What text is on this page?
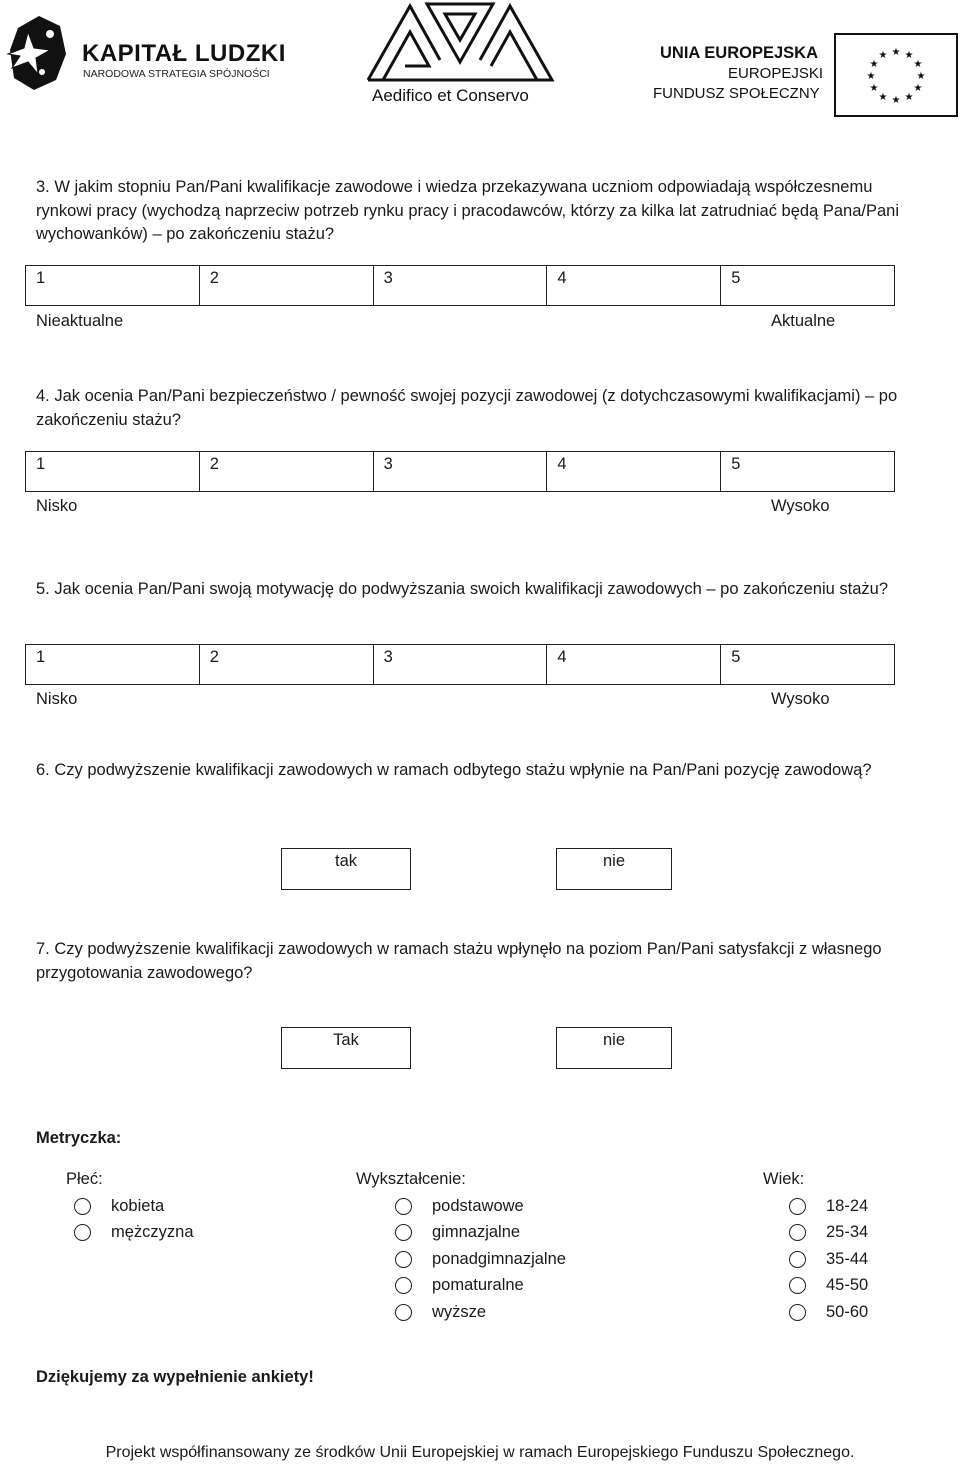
KAPITAŁ LUDZKI
NARODOWA STRATEGIA SPÓJNOŚCI
Aedifico et Conservo
UNIA EUROPEJSKA
EUROPEJSKI
FUNDUSZ SPOŁECZNY
★ ★
★
★
★
★
★
★
★
★
★
★
3. W jakim stopniu Pan/Pani kwalifikacje zawodowe i wiedza przekazywana uczniom odpowiadają współczesnemu rynkowi pracy (wychodzą naprzeciw potrzeb rynku pracy i pracodawców, którzy za kilka lat zatrudniać będą Pana/Pani wychowanków) – po zakończeniu stażu?
1	2	3	4	5
Nieaktualne	Aktualne
4. Jak ocenia Pan/Pani bezpieczeństwo / pewność swojej pozycji zawodowej (z dotychczasowymi kwalifikacjami) – po zakończeniu stażu?
1	2	3	4	5
Nisko	Wysoko
5. Jak ocenia Pan/Pani swoją motywację do podwyższania swoich kwalifikacji zawodowych – po zakończeniu stażu?
1	2	3	4	5
Nisko	Wysoko
6. Czy podwyższenie kwalifikacji zawodowych w ramach odbytego stażu wpłynie na Pan/Pani pozycję zawodową?
tak	nie
7. Czy podwyższenie kwalifikacji zawodowych w ramach stażu wpłynęło na poziom Pan/Pani satysfakcji z własnego przygotowania zawodowego?
Tak	nie
Metryczka:
Płeć:
kobieta
mężczyzna
Wykształcenie:
podstawowe
gimnazjalne
ponadgimnazjalne
pomaturalne
wyższe
Wiek:
18-24
25-34
35-44
45-50
50-60
Dziękujemy za wypełnienie ankiety!
Projekt współfinansowany ze środków Unii Europejskiej w ramach Europejskiego Funduszu Społecznego.
